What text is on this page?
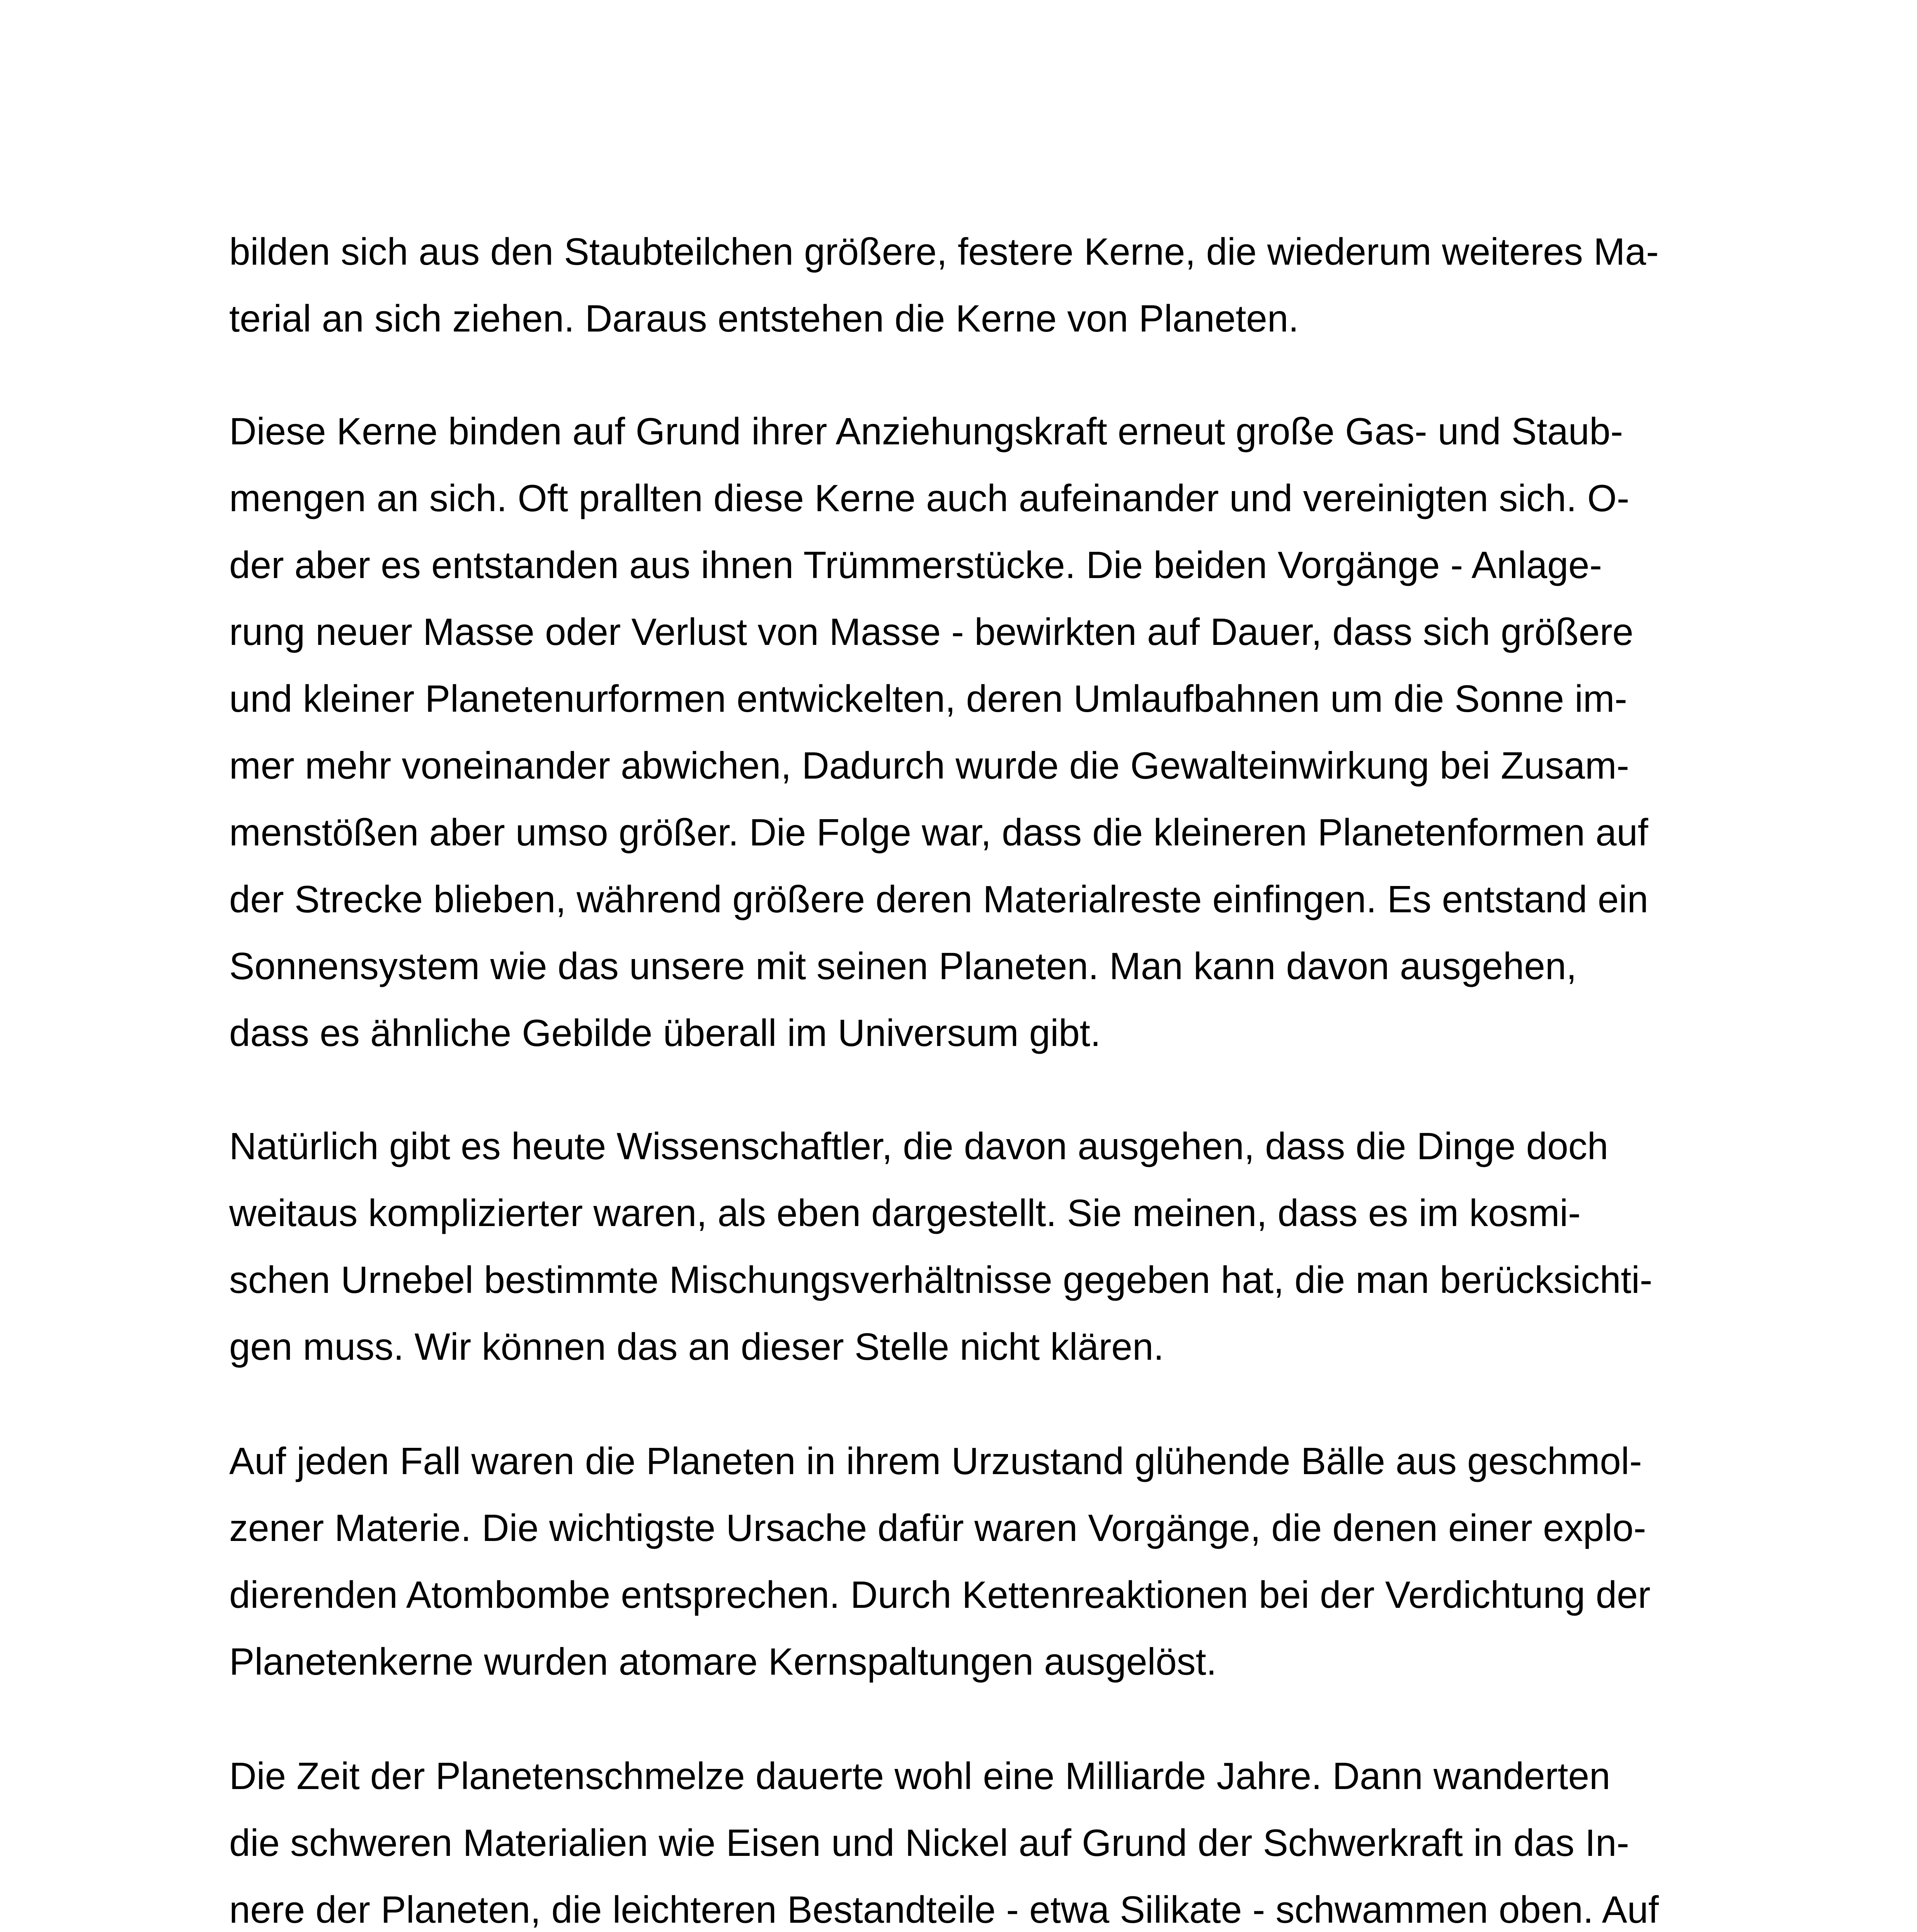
bilden sich aus den Staubteilchen größere, festere Kerne, die wiederum weiteres Ma-
terial an sich ziehen. Daraus entstehen die Kerne von Planeten.
Diese Kerne binden auf Grund ihrer Anziehungskraft erneut große Gas- und Staub-
mengen an sich. Oft prallten diese Kerne auch aufeinander und vereinigten sich. O-
der aber es entstanden aus ihnen Trümmerstücke. Die beiden Vorgänge - Anlage-
rung neuer Masse oder Verlust von Masse - bewirkten auf Dauer, dass sich größere
und kleiner Planetenurformen entwickelten, deren Umlaufbahnen um die Sonne im-
mer mehr voneinander abwichen, Dadurch wurde die Gewalteinwirkung bei Zusam-
menstößen aber umso größer. Die Folge war, dass die kleineren Planetenformen auf
der Strecke blieben, während größere deren Materialreste einfingen. Es entstand ein
Sonnensystem wie das unsere mit seinen Planeten. Man kann davon ausgehen,
dass es ähnliche Gebilde überall im Universum gibt.
Natürlich gibt es heute Wissenschaftler, die davon ausgehen, dass die Dinge doch
weitaus komplizierter waren, als eben dargestellt. Sie meinen, dass es im kosmi-
schen Urnebel bestimmte Mischungsverhältnisse gegeben hat, die man berücksichti-
gen muss. Wir können das an dieser Stelle nicht klären.
Auf jeden Fall waren die Planeten in ihrem Urzustand glühende Bälle aus geschmol-
zener Materie. Die wichtigste Ursache dafür waren Vorgänge, die denen einer explo-
dierenden Atombombe entsprechen. Durch Kettenreaktionen bei der Verdichtung der
Planetenkerne wurden atomare Kernspaltungen ausgelöst.
Die Zeit der Planetenschmelze dauerte wohl eine Milliarde Jahre. Dann wanderten
die schweren Materialien wie Eisen und Nickel auf Grund der Schwerkraft in das In-
nere der Planeten, die leichteren Bestandteile - etwa Silikate - schwammen oben. Auf
